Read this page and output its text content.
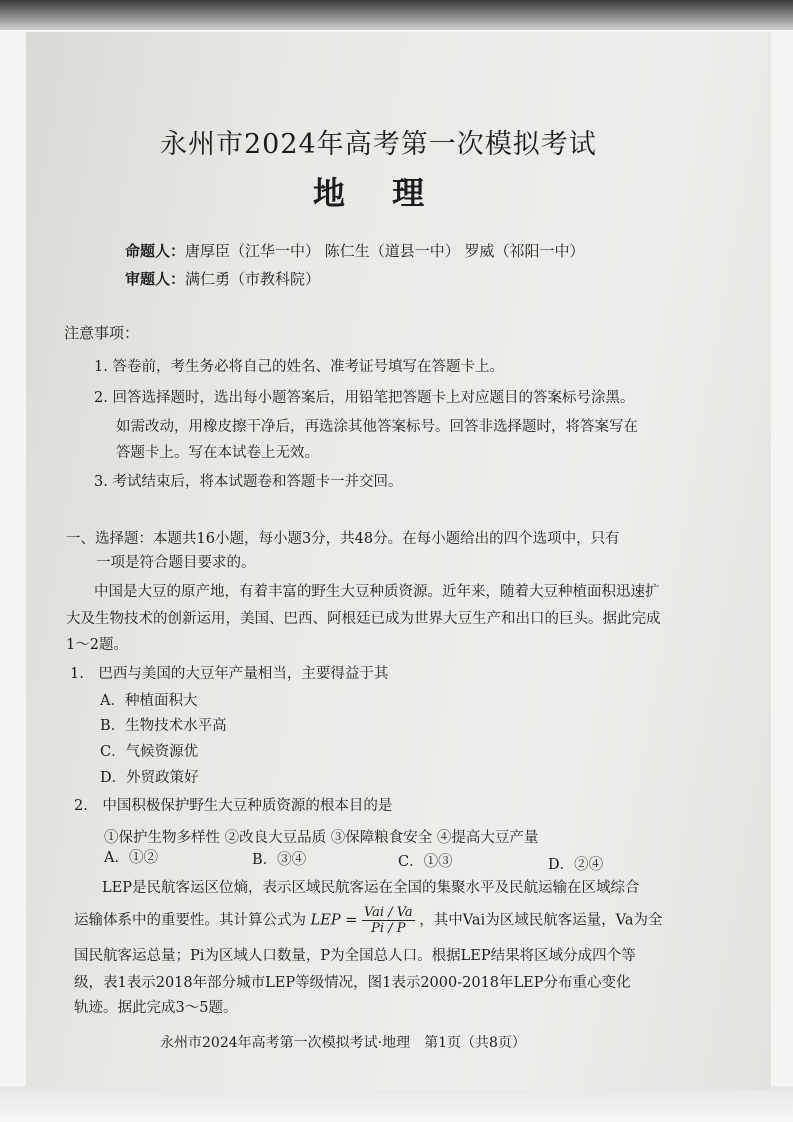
永州市2024年高考第一次模拟考试
地 理
命题人：唐厚臣（江华一中） 陈仁生（道县一中） 罗威（祁阳一中）
审题人：满仁勇（市教科院）
注意事项：
1. 答卷前，考生务必将自己的姓名、准考证号填写在答题卡上。
2. 回答选择题时，选出每小题答案后，用铅笔把答题卡上对应题目的答案标号涂黑。
如需改动，用橡皮擦干净后，再选涂其他答案标号。回答非选择题时，将答案写在
答题卡上。写在本试卷上无效。
3. 考试结束后，将本试题卷和答题卡一并交回。
一、选择题：本题共16小题，每小题3分，共48分。在每小题给出的四个选项中，只有
一项是符合题目要求的。
中国是大豆的原产地，有着丰富的野生大豆种质资源。近年来，随着大豆种植面积迅速扩
大及生物技术的创新运用，美国、巴西、阿根廷已成为世界大豆生产和出口的巨头。据此完成
1～2题。
1.　巴西与美国的大豆年产量相当，主要得益于其
A．种植面积大
B．生物技术水平高
C．气候资源优
D．外贸政策好
2.　中国积极保护野生大豆种质资源的根本目的是
①保护生物多样性 ②改良大豆品质 ③保障粮食安全 ④提高大豆产量
A．①②	B．③④	C．①③	D．②④
LEP是民航客运区位熵，表示区域民航客运在全国的集聚水平及民航运输在区域综合
运输体系中的重要性。其计算公式为 LEP = $\frac{\text{Vai / Va}}{Pi / P}$ ，其中Vai为区域民航客运量，Va为全
国民航客运总量；Pi为区域人口数量，P为全国总人口。根据LEP结果将区域分成四个等
级，表1表示2018年部分城市LEP等级情况，图1表示2000-2018年LEP分布重心变化
轨迹。据此完成3～5题。
永州市2024年高考第一次模拟考试·地理　第1页（共8页）
